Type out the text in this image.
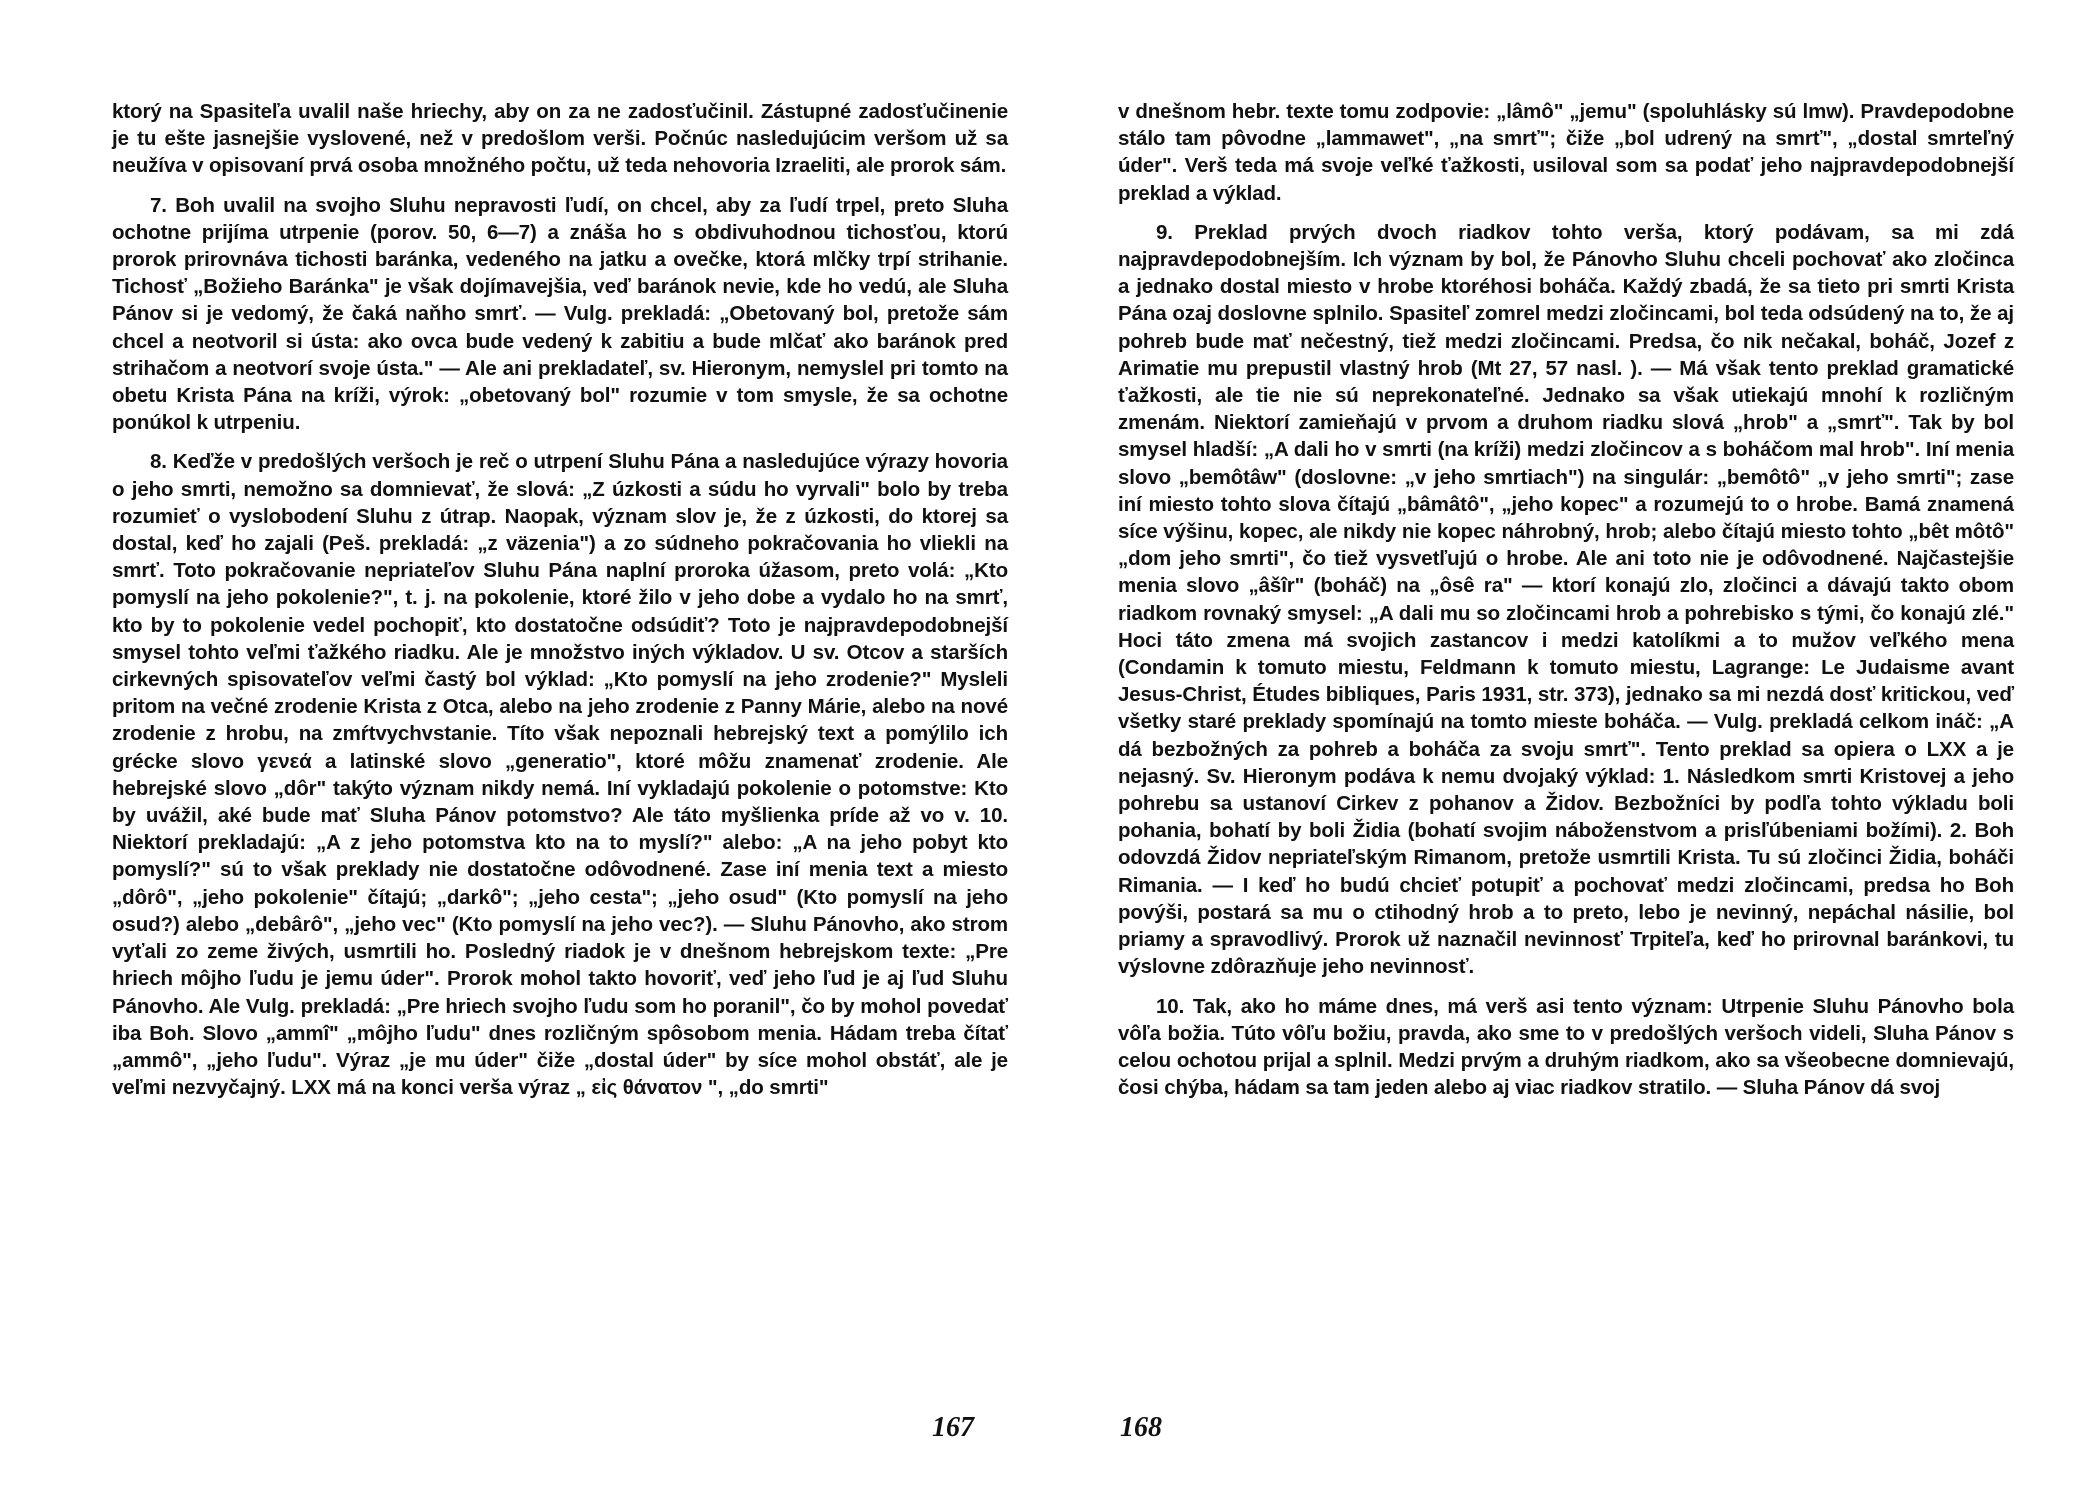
ktorý na Spasiteľa uvalil naše hriechy, aby on za ne zadosťučinil. Zástupné zadosťučinenie je tu ešte jasnejšie vyslovené, než v predošlom verši. Počnúc nasledujúcim veršom už sa neužíva v opisovaní prvá osoba množného počtu, už teda nehovoria Izraeliti, ale prorok sám.

7. Boh uvalil na svojho Sluhu nepravosti ľudí, on chcel, aby za ľudí trpel, preto Sluha ochotne prijíma utrpenie (porov. 50, 6—7) a znáša ho s obdivuhodnou tichosťou, ktorú prorok prirovnáva tichosti baránka, vedeného na jatku a ovečke, ktorá mlčky trpí strihanie. Tichosť „Božieho Baránka" je však dojímavejšia, veď baránok nevie, kde ho vedú, ale Sluha Pánov si je vedomý, že čaká naňho smrť. — Vulg. prekladá: „Obetovaný bol, pretože sám chcel a neotvoril si ústa: ako ovca bude vedený k zabitiu a bude mlčať ako baránok pred strihačom a neotvorí svoje ústa." — Ale ani prekladateľ, sv. Hieronym, nemyslel pri tomto na obetu Krista Pána na kríži, výrok: „obetovaný bol" rozumie v tom smysle, že sa ochotne ponúkol k utrpeniu.

8. Keďže v predošlých veršoch je reč o utrpení Sluhu Pána a nasledujúce výrazy hovoria o jeho smrti, nemožno sa domnievať, že slová: „Z úzkosti a súdu ho vyrvali" bolo by treba rozumieť o vyslobodení Sluhu z útrap. Naopak, význam slov je, že z úzkosti, do ktorej sa dostal, keď ho zajali (Peš. prekladá: „z väzenia") a zo súdneho pokračovania ho vliekli na smrť. Toto pokračovanie nepriateľov Sluhu Pána naplní proroka úžasom, preto volá: „Kto pomyslí na jeho pokolenie?", t. j. na pokolenie, ktoré žilo v jeho dobe a vydalo ho na smrť, kto by to pokolenie vedel pochopiť, kto dostatočne odsúdiť? Toto je najpravdepodobnejší smysel tohto veľmi ťažkého riadku. Ale je množstvo iných výkladov. U sv. Otcov a starších cirkevných spisovateľov veľmi častý bol výklad: „Kto pomyslí na jeho zrodenie?" Mysleli pritom na večné zrodenie Krista z Otca, alebo na jeho zrodenie z Panny Márie, alebo na nové zrodenie z hrobu, na zmŕtvychvstanie. Títo však nepoznali hebrejský text a pomýlilo ich grécke slovo γενεά a latinské slovo „generatio", ktoré môžu znamenať zrodenie. Ale hebrejské slovo „dôr" takýto význam nikdy nemá. Iní vykladajú pokolenie o potomstve: Kto by uvážil, aké bude mať Sluha Pánov potomstvo? Ale táto myšlienka príde až vo v. 10. Niektorí prekladajú: „A z jeho potomstva kto na to myslí?" alebo: „A na jeho pobyt kto pomyslí?" sú to však preklady nie dostatočne odôvodnené. Zase iní menia text a miesto „dôrô", „jeho pokolenie" čítajú; „darkô"; „jeho cesta"; „jeho osud" (Kto pomyslí na jeho osud?) alebo „debârô", „jeho vec" (Kto pomyslí na jeho vec?). — Sluhu Pánovho, ako strom vyťali zo zeme živých, usmrtili ho. Posledný riadok je v dnešnom hebrejskom texte: „Pre hriech môjho ľudu je jemu úder". Prorok mohol takto hovoriť, veď jeho ľud je aj ľud Sluhu Pánovho. Ale Vulg. prekladá: „Pre hriech svojho ľudu som ho poranil", čo by mohol povedať iba Boh. Slovo „ammî" „môjho ľudu" dnes rozličným spôsobom menia. Hádam treba čítať „ammô", „jeho ľudu". Výraz „je mu úder" čiže „dostal úder" by síce mohol obstáť, ale je veľmi nezvyčajný. LXX má na konci verša výraz „ εἰς θάνατον ", „do smrti"

167

v dnešnom hebr. texte tomu zodpovie: „lâmô" „jemu" (spoluhlásky sú lmw). Pravdepodobne stálo tam pôvodne „lammawet", „na smrť"; čiže „bol udrený na smrť", „dostal smrteľný úder". Verš teda má svoje veľké ťažkosti, usiloval som sa podať jeho najpravdepodobnejší preklad a výklad.

9. Preklad prvých dvoch riadkov tohto verša, ktorý podávam, sa mi zdá najpravdepodobnejším. Ich význam by bol, že Pánovho Sluhu chceli pochovať ako zločinca a jednako dostal miesto v hrobe ktoréhosi boháča. Každý zbadá, že sa tieto pri smrti Krista Pána ozaj doslovne splnilo. Spasiteľ zomrel medzi zločincami, bol teda odsúdený na to, že aj pohreb bude mať nečestný, tiež medzi zločincami. Predsa, čo nik nečakal, boháč, Jozef z Arimatie mu prepustil vlastný hrob (Mt 27, 57 nasl. ). — Má však tento preklad gramatické ťažkosti, ale tie nie sú neprekonateľné. Jednako sa však utiekajú mnohí k rozličným zmenám. Niektorí zamieňajú v prvom a druhom riadku slová „hrob" a „smrť". Tak by bol smysel hladší: „A dali ho v smrti (na kríži) medzi zločincov a s boháčom mal hrob". Iní menia slovo „bemôtâw" (doslovne: „v jeho smrtiach") na singulár: „bemôtô" „v jeho smrti"; zase iní miesto tohto slova čítajú „bâmâtô", „jeho kopec" a rozumejú to o hrobe. Bamá znamená síce výšinu, kopec, ale nikdy nie kopec náhrobný, hrob; alebo čítajú miesto tohto „bêt môtô" „dom jeho smrti", čo tiež vysvetľujú o hrobe. Ale ani toto nie je odôvodnené. Najčastejšie menia slovo „âšîr" (boháč) na „ôsê ra" — ktorí konajú zlo, zločinci a dávajú takto obom riadkom rovnaký smysel: „A dali mu so zločincami hrob a pohrebisko s tými, čo konajú zlé." Hoci táto zmena má svojich zastancov i medzi katolíkmi a to mužov veľkého mena (Condamin k tomuto miestu, Feldmann k tomuto miestu, Lagrange: Le Judaisme avant Jesus-Christ, Études bibliques, Paris 1931, str. 373), jednako sa mi nezdá dosť kritickou, veď všetky staré preklady spomínajú na tomto mieste boháča. — Vulg. prekladá celkom ináč: „A dá bezbožných za pohreb a boháča za svoju smrť". Tento preklad sa opiera o LXX a je nejasný. Sv. Hieronym podáva k nemu dvojaký výklad: 1. Následkom smrti Kristovej a jeho pohrebu sa ustanoví Cirkev z pohanov a Židov. Bezbožníci by podľa tohto výkladu boli pohania, bohatí by boli Židia (bohatí svojim náboženstvom a prisľúbeniami božími). 2. Boh odovzdá Židov nepriateľským Rimanom, pretože usmrtili Krista. Tu sú zločinci Židia, boháči Rimania. — I keď ho budú chcieť potupiť a pochovať medzi zločincami, predsa ho Boh povýši, postará sa mu o ctihodný hrob a to preto, lebo je nevinný, nepáchal násilie, bol priamy a spravodlivý. Prorok už naznačil nevinnosť Trpiteľa, keď ho prirovnal baránkovi, tu výslovne zdôrazňuje jeho nevinnosť.

10. Tak, ako ho máme dnes, má verš asi tento význam: Utrpenie Sluhu Pánovho bola vôľa božia. Túto vôľu božiu, pravda, ako sme to v predošlých veršoch videli, Sluha Pánov s celou ochotou prijal a splnil. Medzi prvým a druhým riadkom, ako sa všeobecne domnievajú, čosi chýba, hádam sa tam jeden alebo aj viac riadkov stratilo. — Sluha Pánov dá svoj

168
